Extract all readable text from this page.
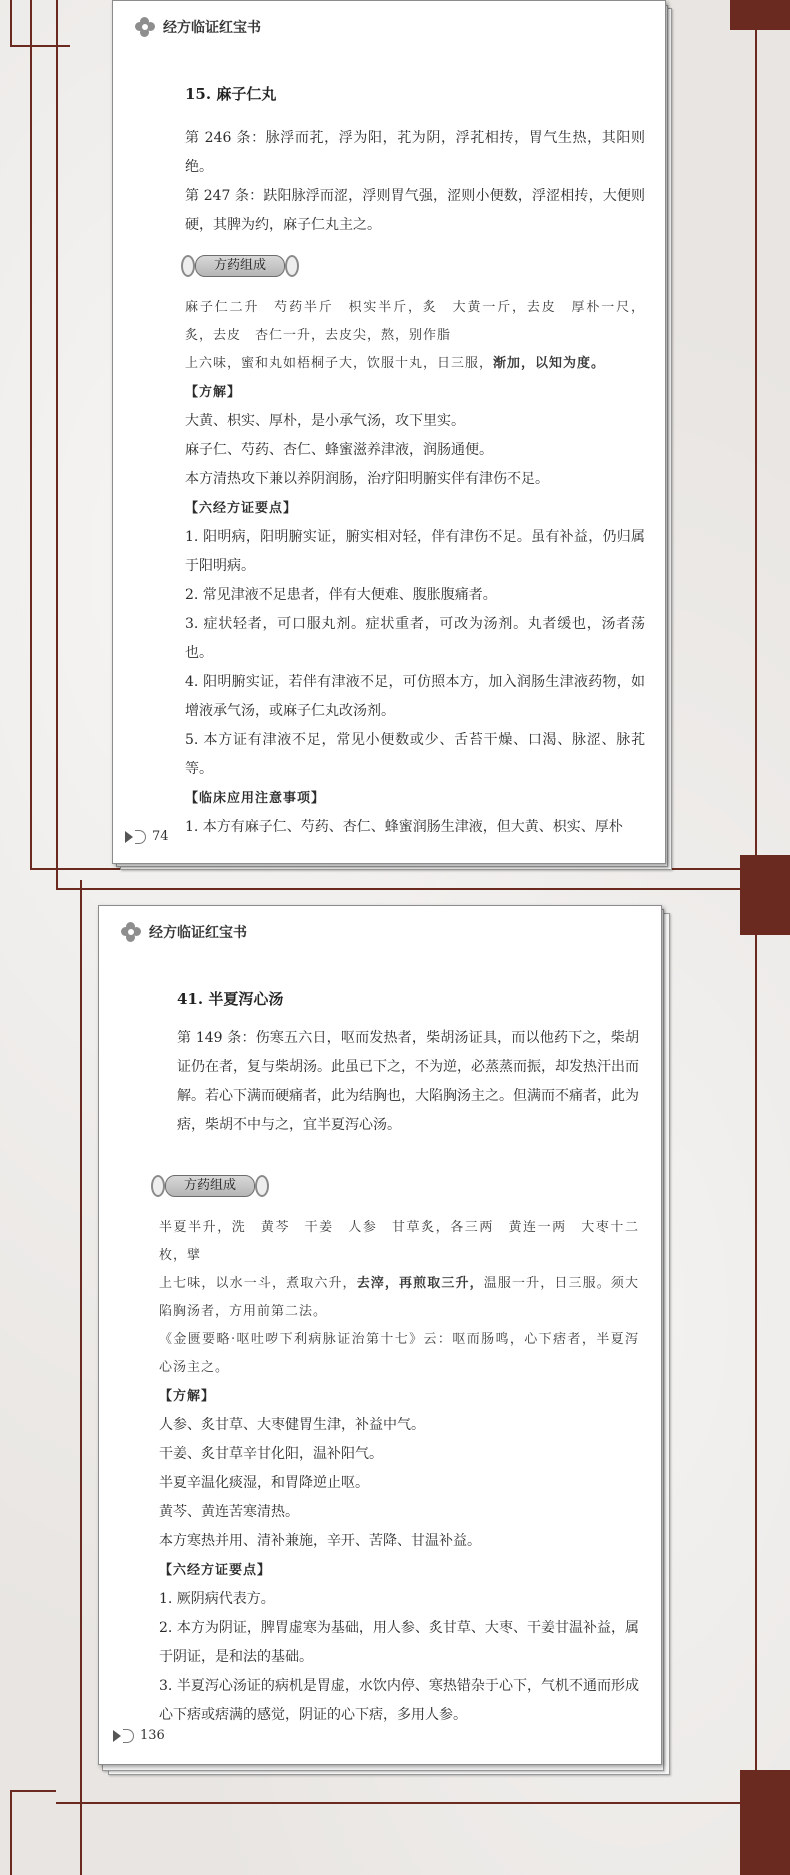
经方临证红宝书
15. 麻子仁丸

第 246 条：脉浮而芤，浮为阳，芤为阴，浮芤相抟，胃气生热，其阳则绝。

第 247 条：趺阳脉浮而涩，浮则胃气强，涩则小便数，浮涩相抟，大便则硬，其脾为约，麻子仁丸主之。

方药组成

麻子仁二升　芍药半斤　枳实半斤，炙　大黄一斤，去皮　厚朴一尺，炙，去皮　杏仁一升，去皮尖，熬，别作脂

上六味，蜜和丸如梧桐子大，饮服十丸，日三服，渐加，以知为度。

【方解】

大黄、枳实、厚朴，是小承气汤，攻下里实。

麻子仁、芍药、杏仁、蜂蜜滋养津液，润肠通便。

本方清热攻下兼以养阴润肠，治疗阳明腑实伴有津伤不足。

【六经方证要点】

1. 阳明病，阳明腑实证，腑实相对轻，伴有津伤不足。虽有补益，仍归属于阳明病。

2. 常见津液不足患者，伴有大便难、腹胀腹痛者。

3. 症状轻者，可口服丸剂。症状重者，可改为汤剂。丸者缓也，汤者荡也。

4. 阳明腑实证，若伴有津液不足，可仿照本方，加入润肠生津液药物，如增液承气汤，或麻子仁丸改汤剂。

5. 本方证有津液不足，常见小便数或少、舌苔干燥、口渴、脉涩、脉芤等。

【临床应用注意事项】

1. 本方有麻子仁、芍药、杏仁、蜂蜜润肠生津液，但大黄、枳实、厚朴

74
经方临证红宝书
41. 半夏泻心汤

第 149 条：伤寒五六日，呕而发热者，柴胡汤证具，而以他药下之，柴胡证仍在者，复与柴胡汤。此虽已下之，不为逆，必蒸蒸而振，却发热汗出而解。若心下满而硬痛者，此为结胸也，大陷胸汤主之。但满而不痛者，此为痞，柴胡不中与之，宜半夏泻心汤。

方药组成

半夏半升，洗　黄芩　干姜　人参　甘草炙，各三两　黄连一两　大枣十二枚，擘

上七味，以水一斗，煮取六升，去滓，再煎取三升，温服一升，日三服。须大陷胸汤者，方用前第二法。

《金匮要略·呕吐哕下利病脉证治第十七》云：呕而肠鸣，心下痞者，半夏泻心汤主之。

【方解】

人参、炙甘草、大枣健胃生津，补益中气。

干姜、炙甘草辛甘化阳，温补阳气。

半夏辛温化痰湿，和胃降逆止呕。

黄芩、黄连苦寒清热。

本方寒热并用、清补兼施，辛开、苦降、甘温补益。

【六经方证要点】

1. 厥阴病代表方。

2. 本方为阴证，脾胃虚寒为基础，用人参、炙甘草、大枣、干姜甘温补益，属于阴证，是和法的基础。

3. 半夏泻心汤证的病机是胃虚，水饮内停、寒热错杂于心下，气机不通而形成心下痞或痞满的感觉，阴证的心下痞，多用人参。

136
